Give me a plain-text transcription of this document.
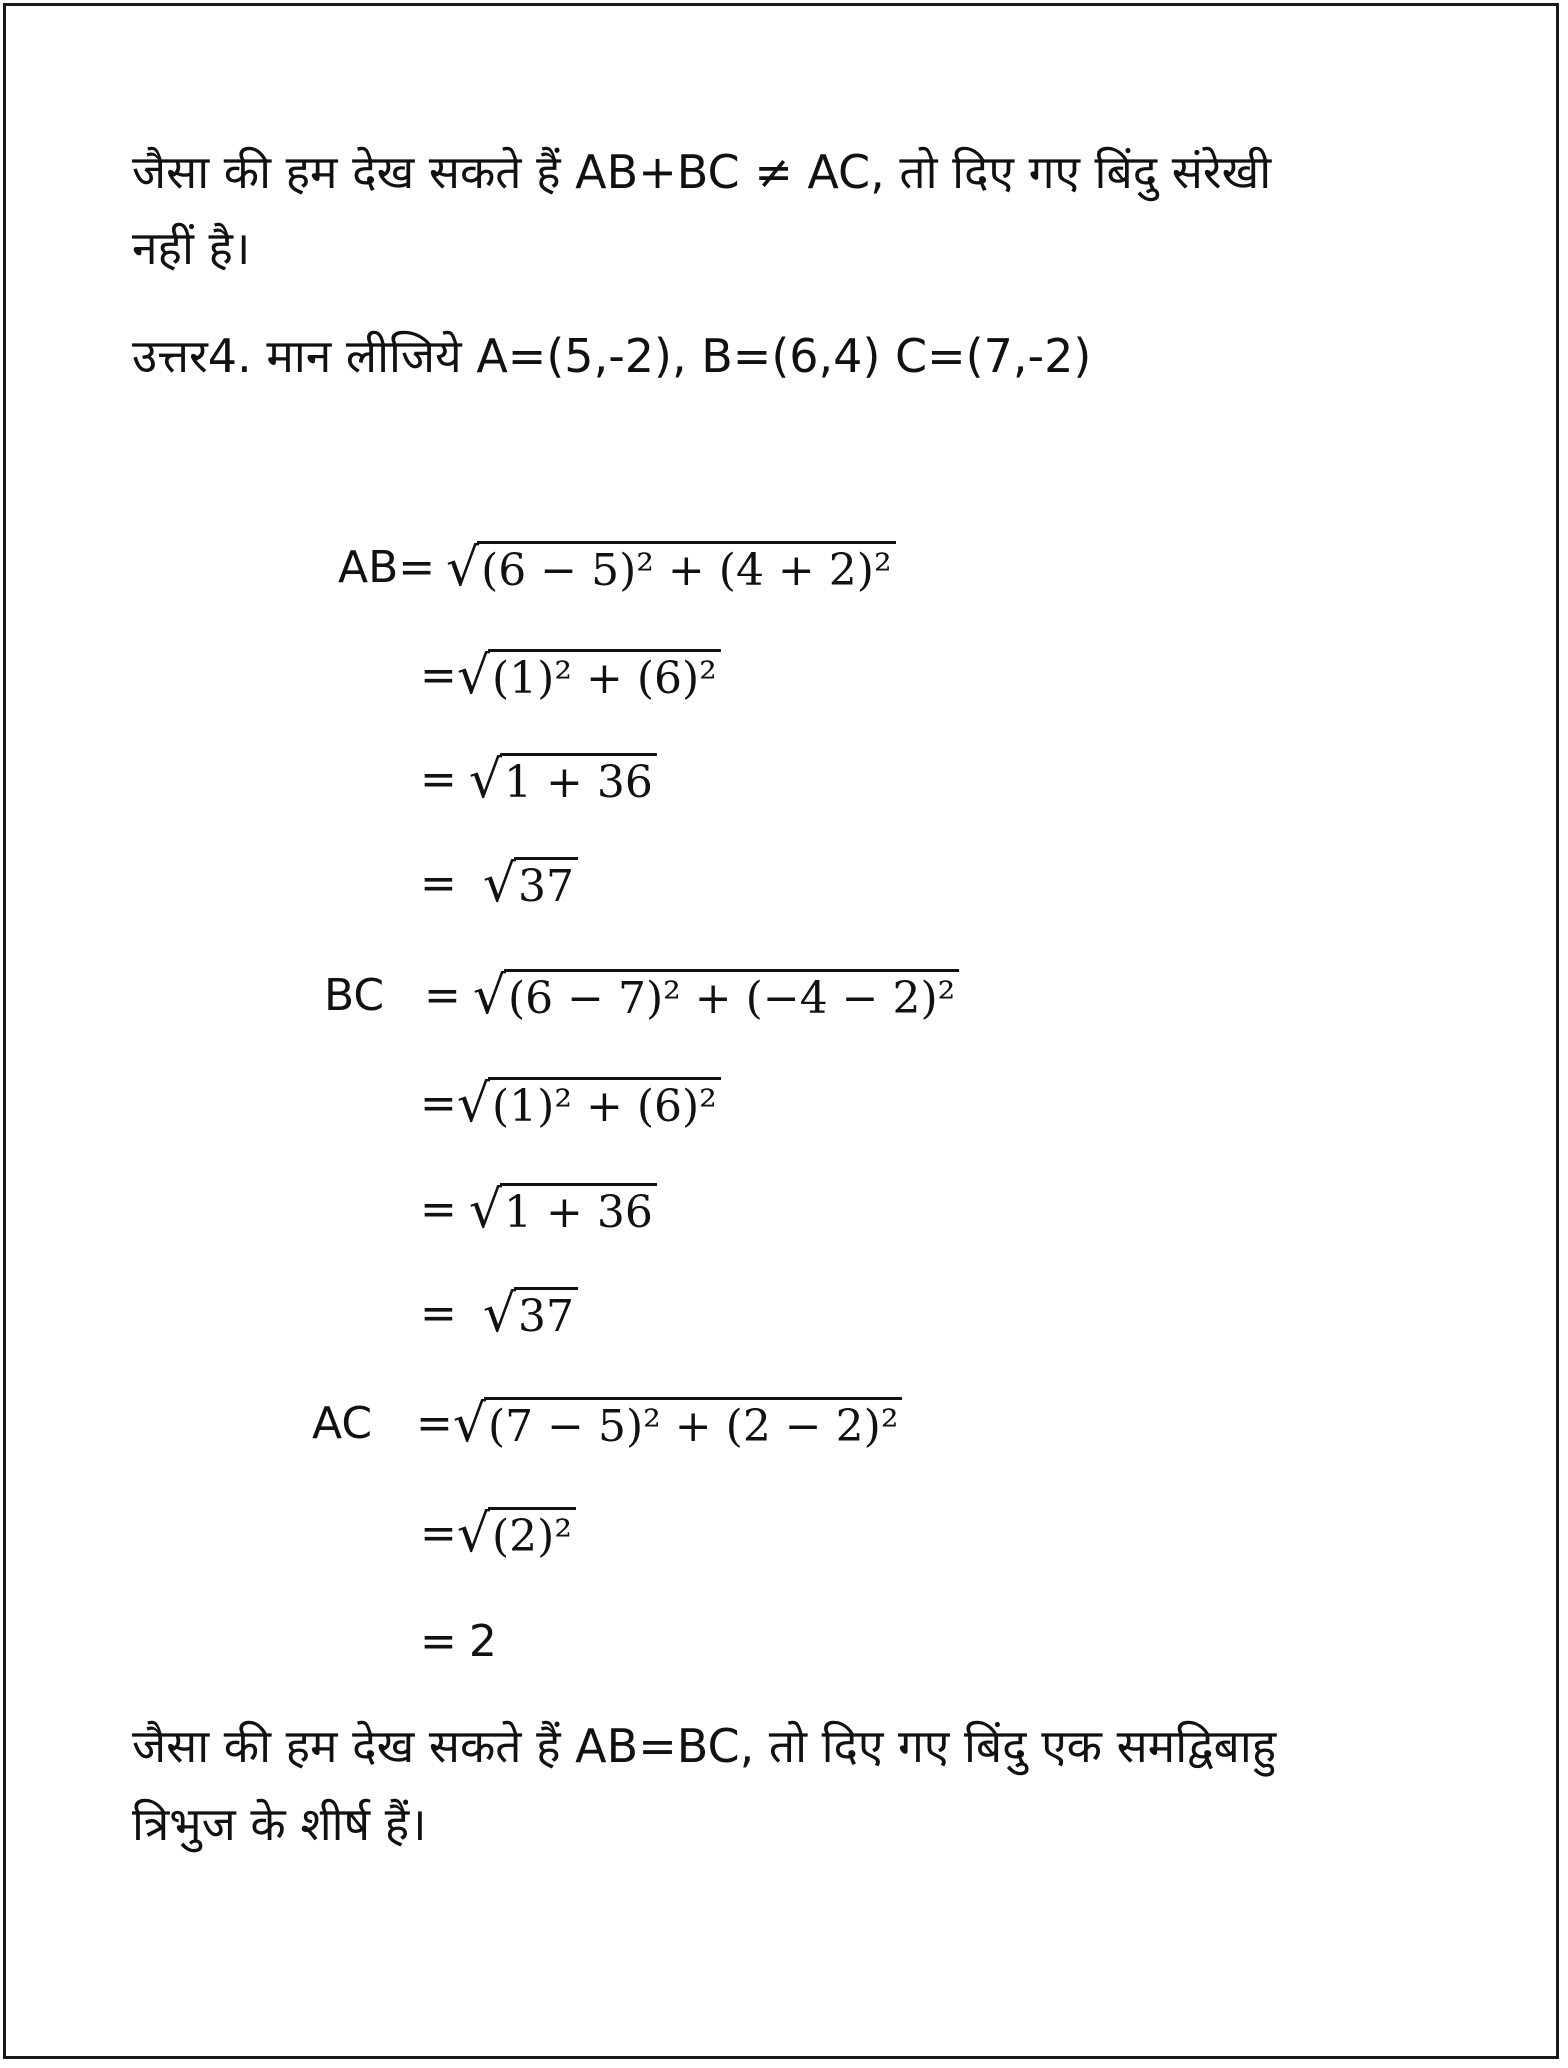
जैसा की हम देख सकते हैं AB+BC ≠ AC, तो दिए गए बिंदु संरेखी

नहीं है।

उत्तर4. मान लीजिये A=(5,-2), B=(6,4) C=(7,-2)

AB= √ (6 − 5)² + (4 + 2)²
= √ (1)² + (6)²
= √ 1 + 36
= √ 37
BC = √ (6 − 7)² + (−4 − 2)²
= √ (1)² + (6)²
= √ 1 + 36
= √ 37
AC = √ (7 − 5)² + (2 − 2)²
= √ (2)²
= 2

जैसा की हम देख सकते हैं AB=BC, तो दिए गए बिंदु एक समद्विबाहु

त्रिभुज के शीर्ष हैं।
